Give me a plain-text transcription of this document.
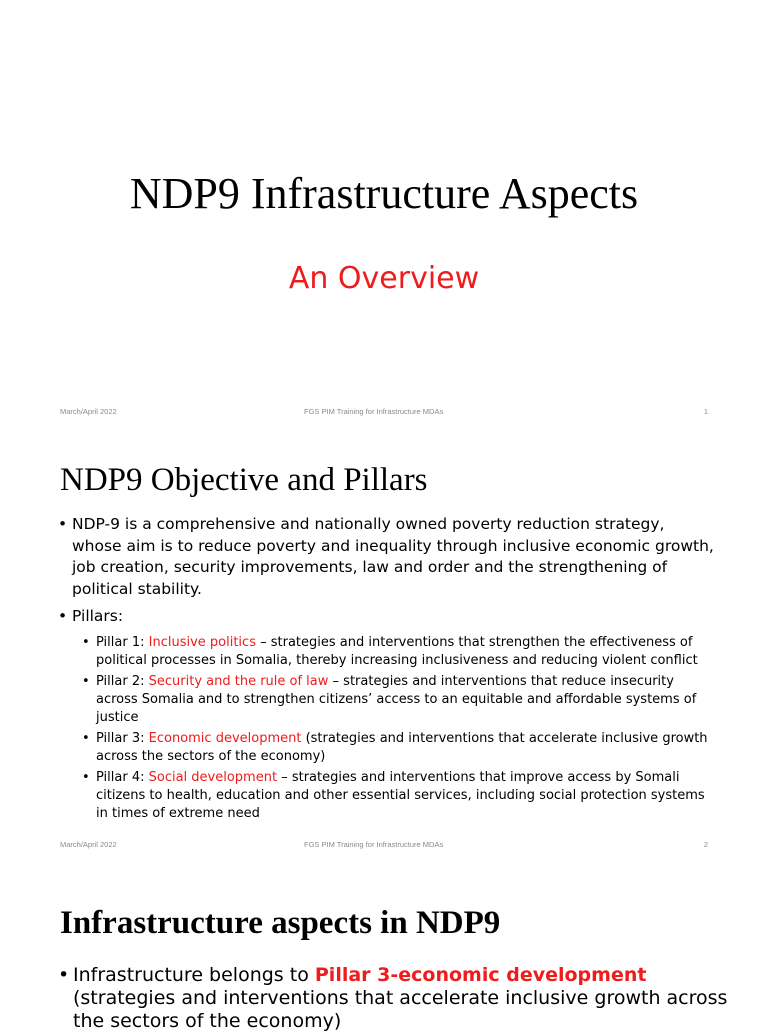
NDP9 Infrastructure Aspects
An Overview
March/April 2022	FGS PIM Training for Infrastructure MDAs	1
NDP9 Objective and Pillars

• NDP-9 is a comprehensive and nationally owned poverty reduction strategy, whose aim is to reduce poverty and inequality through inclusive economic growth, job creation, security improvements, law and order and the strengthening of political stability.

• Pillars:

• Pillar 1: Inclusive politics – strategies and interventions that strengthen the effectiveness of political processes in Somalia, thereby increasing inclusiveness and reducing violent conflict

• Pillar 2: Security and the rule of law – strategies and interventions that reduce insecurity across Somalia and to strengthen citizens’ access to an equitable and affordable systems of justice

• Pillar 3: Economic development (strategies and interventions that accelerate inclusive growth across the sectors of the economy)

• Pillar 4: Social development – strategies and interventions that improve access by Somali citizens to health, education and other essential services, including social protection systems in times of extreme need

March/April 2022	FGS PIM Training for Infrastructure MDAs	2
Infrastructure aspects in NDP9

• Infrastructure belongs to Pillar 3-economic development (strategies and interventions that accelerate inclusive growth across the sectors of the economy)
